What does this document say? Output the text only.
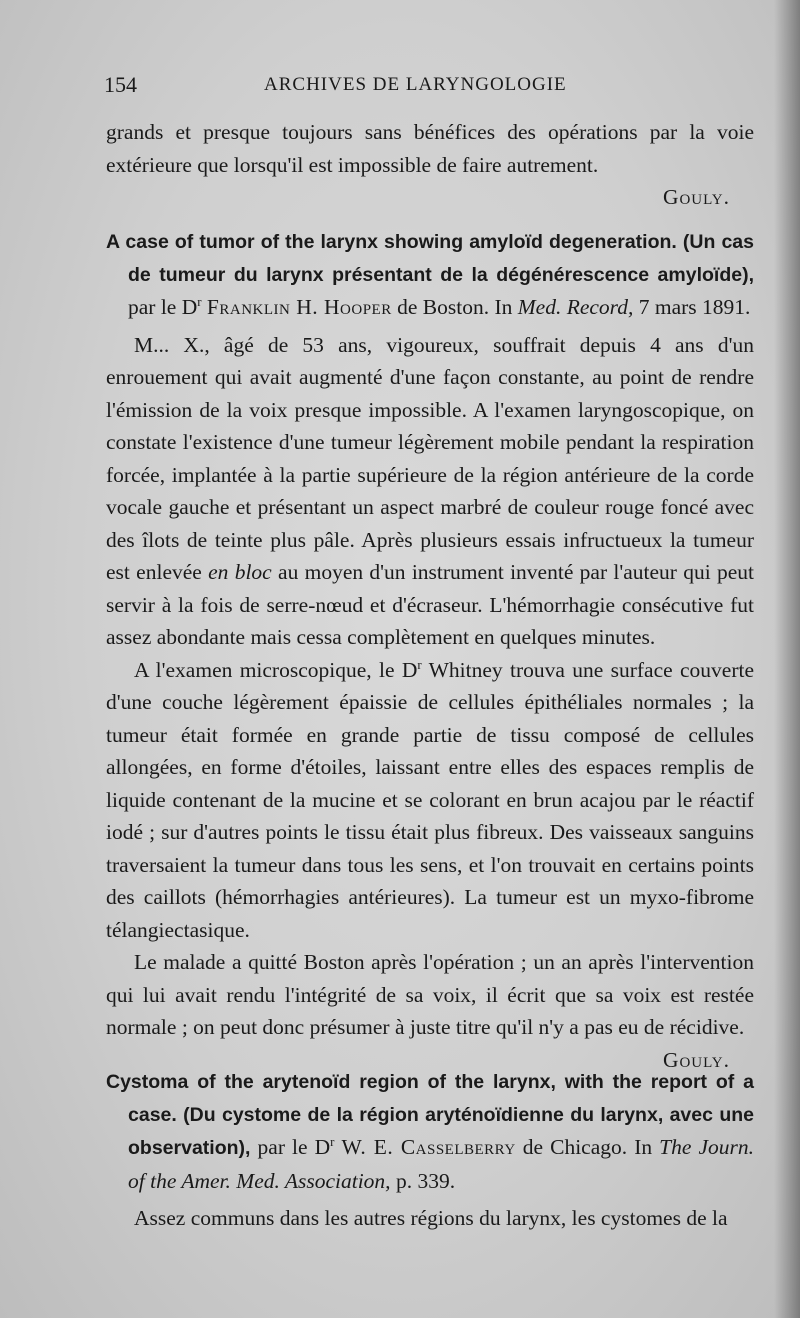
154	ARCHIVES DE LARYNGOLOGIE

grands et presque toujours sans bénéfices des opérations par la voie extérieure que lorsqu'il est impossible de faire autrement.

Gouly.

A case of tumor of the larynx showing amyloïd degeneration. (Un cas de tumeur du larynx présentant de la dégénérescence amyloïde), par le $D^r$ Franklin H. Hooper de Boston. In Med. Record, 7 mars 1891.

M... X., âgé de 53 ans, vigoureux, souffrait depuis 4 ans d'un enrouement qui avait augmenté d'une façon constante, au point de rendre l'émission de la voix presque impossible. A l'examen laryngoscopique, on constate l'existence d'une tumeur légèrement mobile pendant la respiration forcée, implantée à la partie supérieure de la région antérieure de la corde vocale gauche et présentant un aspect marbré de couleur rouge foncé avec des îlots de teinte plus pâle. Après plusieurs essais infructueux la tumeur est enlevée en bloc au moyen d'un instrument inventé par l'auteur qui peut servir à la fois de serre-nœud et d'écraseur. L'hémorrhagie consécutive fut assez abondante mais cessa complètement en quelques minutes.

A l'examen microscopique, le $D^r$ Whitney trouva une surface couverte d'une couche légèrement épaissie de cellules épithéliales normales ; la tumeur était formée en grande partie de tissu composé de cellules allongées, en forme d'étoiles, laissant entre elles des espaces remplis de liquide contenant de la mucine et se colorant en brun acajou par le réactif iodé ; sur d'autres points le tissu était plus fibreux. Des vaisseaux sanguins traversaient la tumeur dans tous les sens, et l'on trouvait en certains points des caillots (hémorrhagies antérieures). La tumeur est un myxo-fibrome télangiectasique.

Le malade a quitté Boston après l'opération ; un an après l'intervention qui lui avait rendu l'intégrité de sa voix, il écrit que sa voix est restée normale ; on peut donc présumer à juste titre qu'il n'y a pas eu de récidive.

Gouly.

Cystoma of the arytenoïd region of the larynx, with the report of a case. (Du cystome de la région aryténoïdienne du larynx, avec une observation), par le $D^r$ W. E. Casselberry de Chicago. In The Journ. of the Amer. Med. Association, p. 339.

Assez communs dans les autres régions du larynx, les cystomes de la
